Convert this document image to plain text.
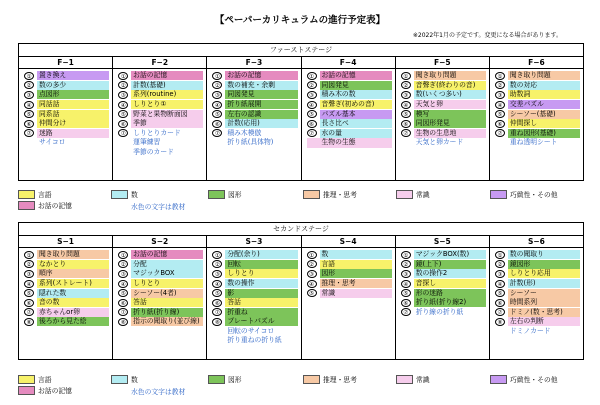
【ペーパーカリキュラムの進行予定表】
※2022年1月の予定です。変更になる場合があります。
ファーストステージ
F−1
①	置き換え
②	数の多少
③	点図形
④	同話話
⑤	同系話
⑥	仲間分け
⑦	迷路
サイコロ
F−2
①	お話の記憶
②	計数(基礎)
③	系列(routine)
④	しりとり①
⑤	野菜と果物断面図
⑥	季節
⑦	しりとりカード
運筆練習
季節のカード
F−3
①	お話の記憶
②	数の補充・余剰
③	同図発見
④	折り紙展開
⑤	左右の認識
⑥	計数(応用)
⑦	積み木模倣
折り紙(具体物)
F−4
①	お話の記憶
②	同図発見
③	積み木の数
④	音聲ぎ(初めの音)
⑤	パズル基本
⑥	長さ比べ
⑦	水の量
生物の生態
F−5
①	聞き取り問題
②	音聲ぎ(終わりの音)
③	数(いくつ多い)
④	天気と卵
⑤	模写
⑥	同図形発見
⑦	生物の生息地
天気と卵カード
F−6
①	聞き取り問題
②	数の対応
③	助数詞
④	交差パズル
⑤	シーソー(基礎)
⑥	仲間探し
⑦	重ね図形(基礎)
重ね透明シート
言語
お話の記憶
数
水色の文字は教材
図形	推理・思考	常識	巧緻性・その他
セカンドステージ
S−1
①	聞き取り問題
②	なかとり
③	順序
④	系列(ストレート)
⑤	隠れた数
⑥	音の数
⑦	赤ちゃんor卵
⑧	後ろから見た絵
S−2
①	お話の記憶
②	分配
③	マジックBOX
④	しりとり
⑤	シーソー(4者)
⑥	答話
⑦	折り紙(折り線)
⑧	指示の聞取り(並び線)
S−3
①	分配(余り)
②	回転
③	しりとり
④	数の操作
⑤	影
⑥	答話
⑦	折重ね
⑧	プレートパズル
回転のサイコロ
折り重ねの折り紙
S−4
①	数
②	言語
③	図形
④	推理・思考
⑤	常識
S−5
①	マジックBOX(数)
②	鏡(上下)
③	数の操作2
④	音探し
⑤	形の迷路
⑥	折り紙(折り線2)
⑦	折り線の折り紙
S−6
①	数の聞取り
②	鏡図形
③	しりとり応用
④	計数(形)
⑤	シーソー
⑥	時間系列
⑦	ドミノ(数・思考)
⑧	左右の判断
ドミノカード
言語
お話の記憶
数
水色の文字は教材
図形	推理・思考	常識	巧緻性・その他
